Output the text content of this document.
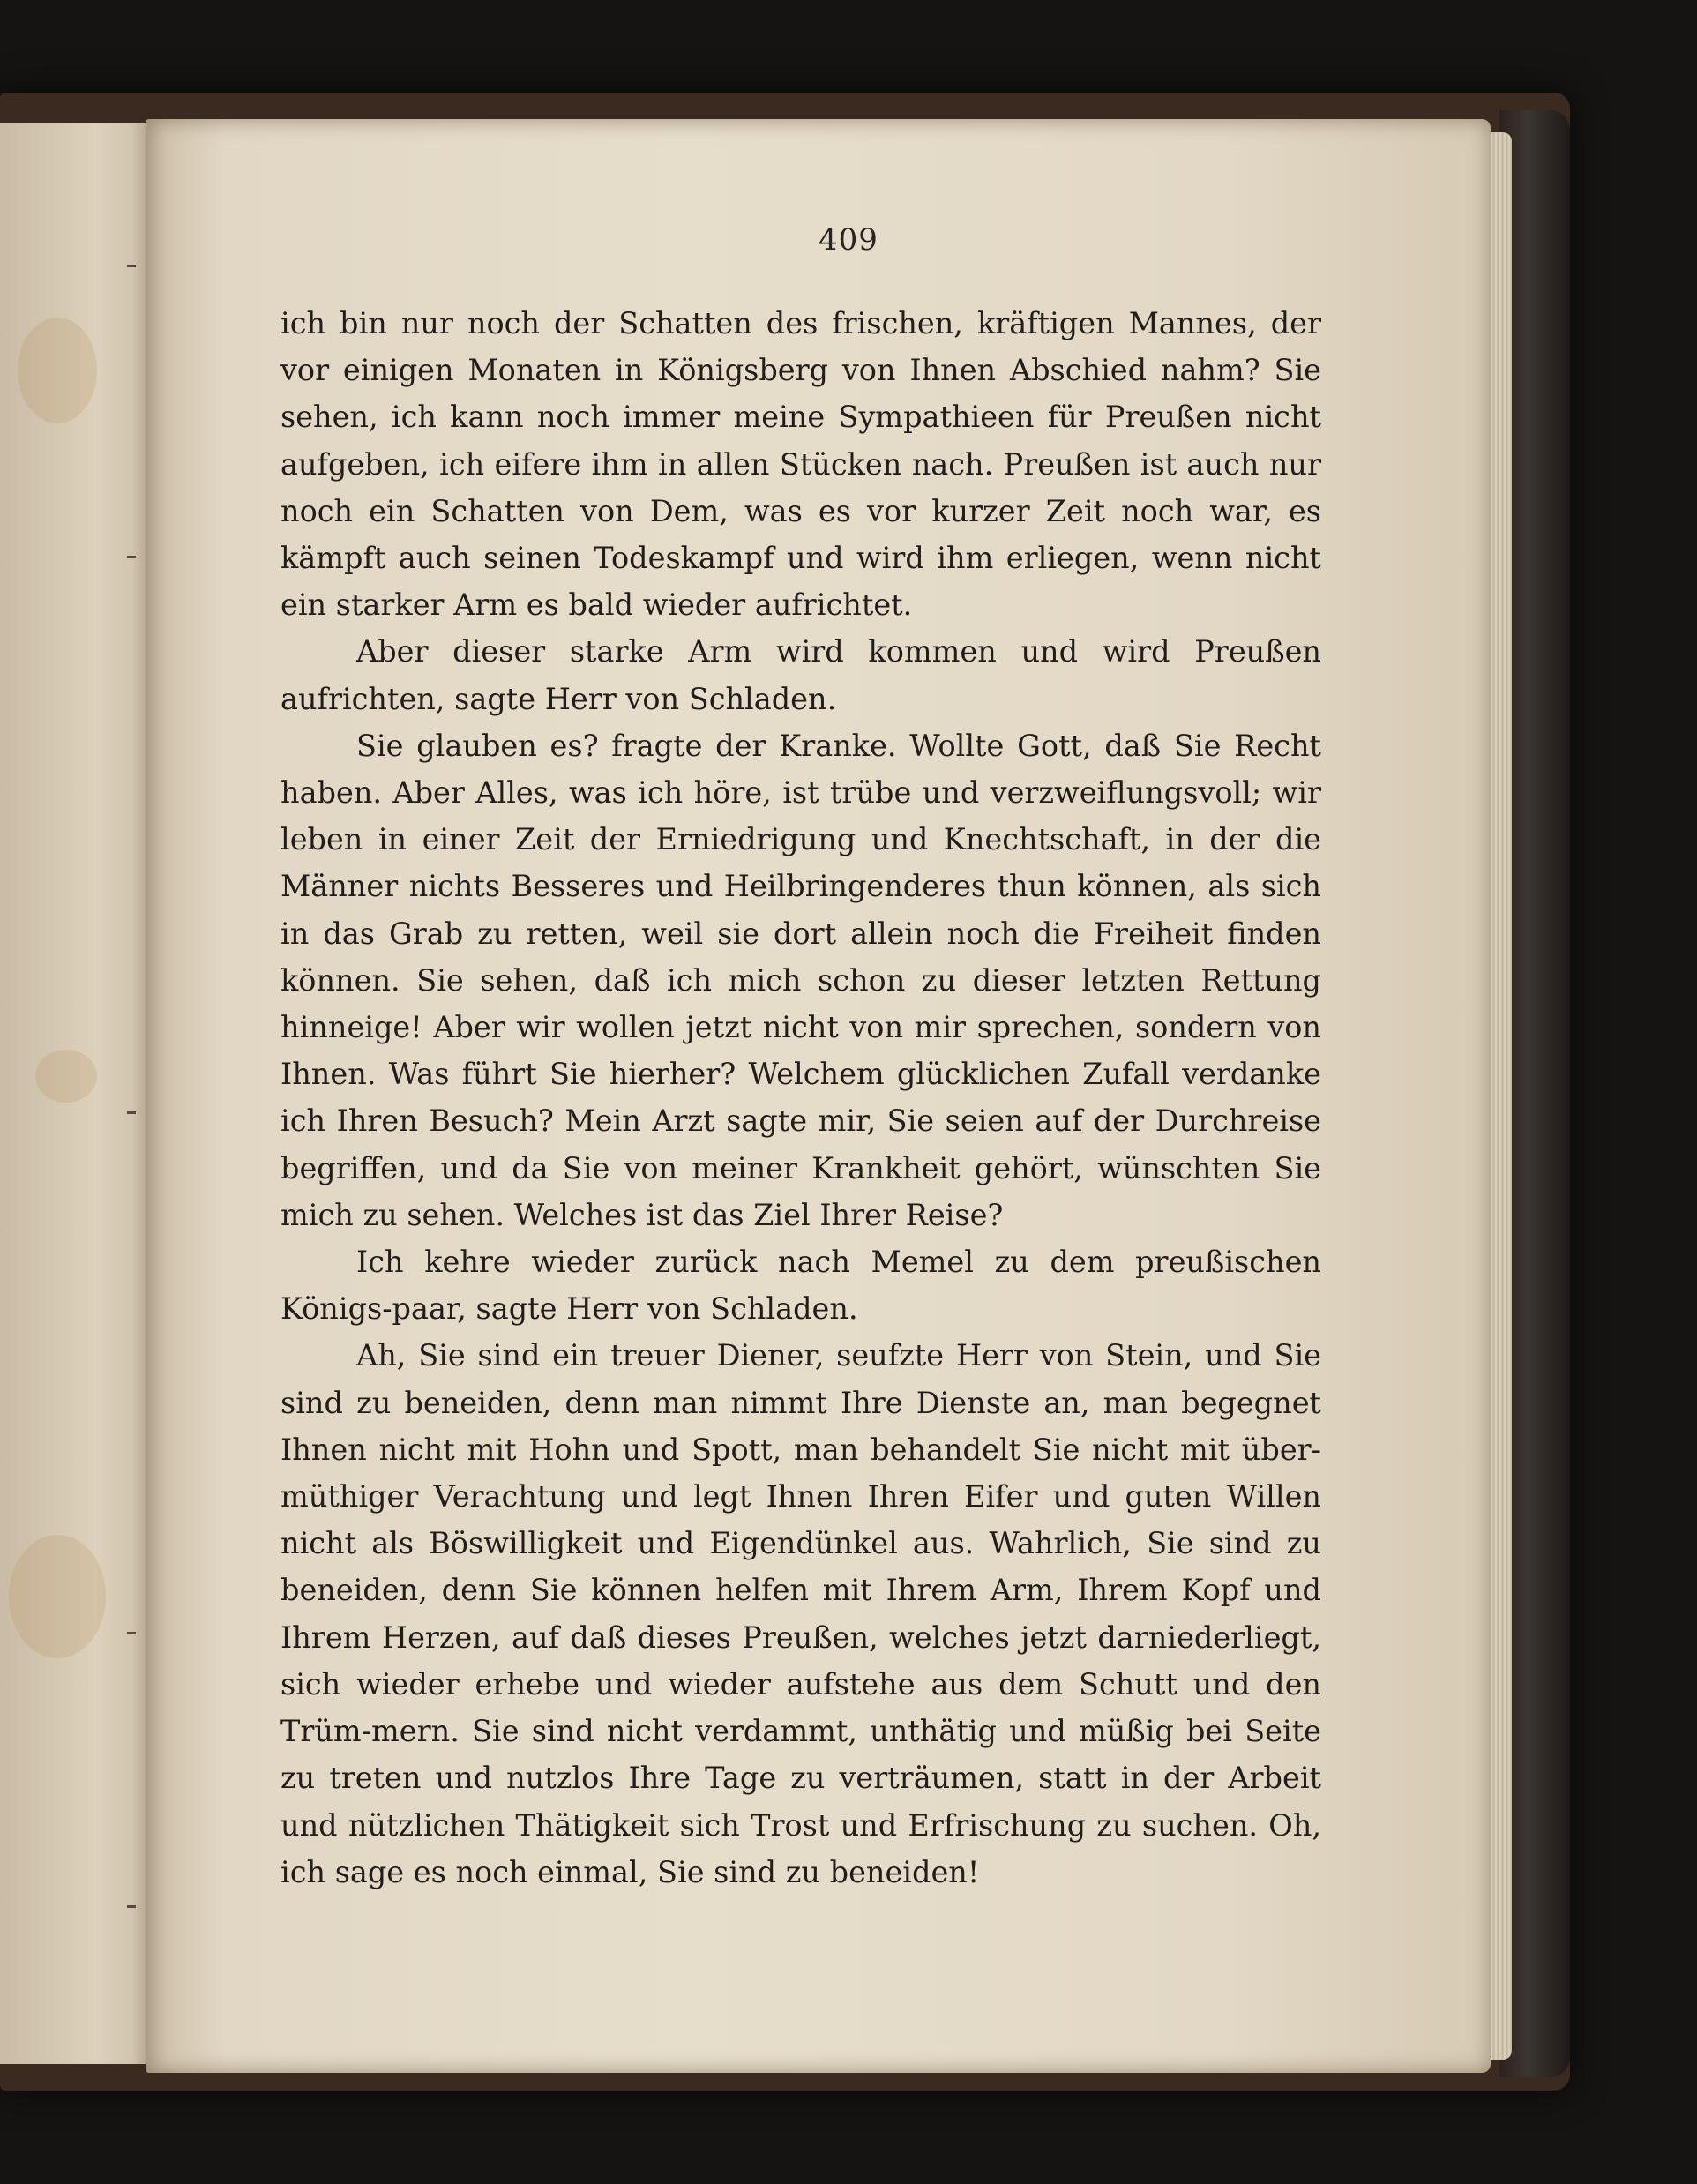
409

ich bin nur noch der Schatten des frischen, kräftigen Mannes, der vor einigen Monaten in Königsberg von Ihnen Abschied nahm? Sie sehen, ich kann noch immer meine Sympathieen für Preußen nicht aufgeben, ich eifere ihm in allen Stücken nach. Preußen ist auch nur noch ein Schatten von Dem, was es vor kurzer Zeit noch war, es kämpft auch seinen Todeskampf und wird ihm erliegen, wenn nicht ein starker Arm es bald wieder aufrichtet.

Aber dieser starke Arm wird kommen und wird Preußen aufrichten, sagte Herr von Schladen.

Sie glauben es? fragte der Kranke. Wollte Gott, daß Sie Recht haben. Aber Alles, was ich höre, ist trübe und verzweiflungsvoll; wir leben in einer Zeit der Erniedrigung und Knechtschaft, in der die Männer nichts Besseres und Heilbringenderes thun können, als sich in das Grab zu retten, weil sie dort allein noch die Freiheit finden können. Sie sehen, daß ich mich schon zu dieser letzten Rettung hinneige! Aber wir wollen jetzt nicht von mir sprechen, sondern von Ihnen. Was führt Sie hierher? Welchem glücklichen Zufall verdanke ich Ihren Besuch? Mein Arzt sagte mir, Sie seien auf der Durchreise begriffen, und da Sie von meiner Krankheit gehört, wünschten Sie mich zu sehen. Welches ist das Ziel Ihrer Reise?

Ich kehre wieder zurück nach Memel zu dem preußischen Königs-paar, sagte Herr von Schladen.

Ah, Sie sind ein treuer Diener, seufzte Herr von Stein, und Sie sind zu beneiden, denn man nimmt Ihre Dienste an, man begegnet Ihnen nicht mit Hohn und Spott, man behandelt Sie nicht mit über-müthiger Verachtung und legt Ihnen Ihren Eifer und guten Willen nicht als Böswilligkeit und Eigendünkel aus. Wahrlich, Sie sind zu beneiden, denn Sie können helfen mit Ihrem Arm, Ihrem Kopf und Ihrem Herzen, auf daß dieses Preußen, welches jetzt darniederliegt, sich wieder erhebe und wieder aufstehe aus dem Schutt und den Trüm-mern. Sie sind nicht verdammt, unthätig und müßig bei Seite zu treten und nutzlos Ihre Tage zu verträumen, statt in der Arbeit und nützlichen Thätigkeit sich Trost und Erfrischung zu suchen. Oh, ich sage es noch einmal, Sie sind zu beneiden!
